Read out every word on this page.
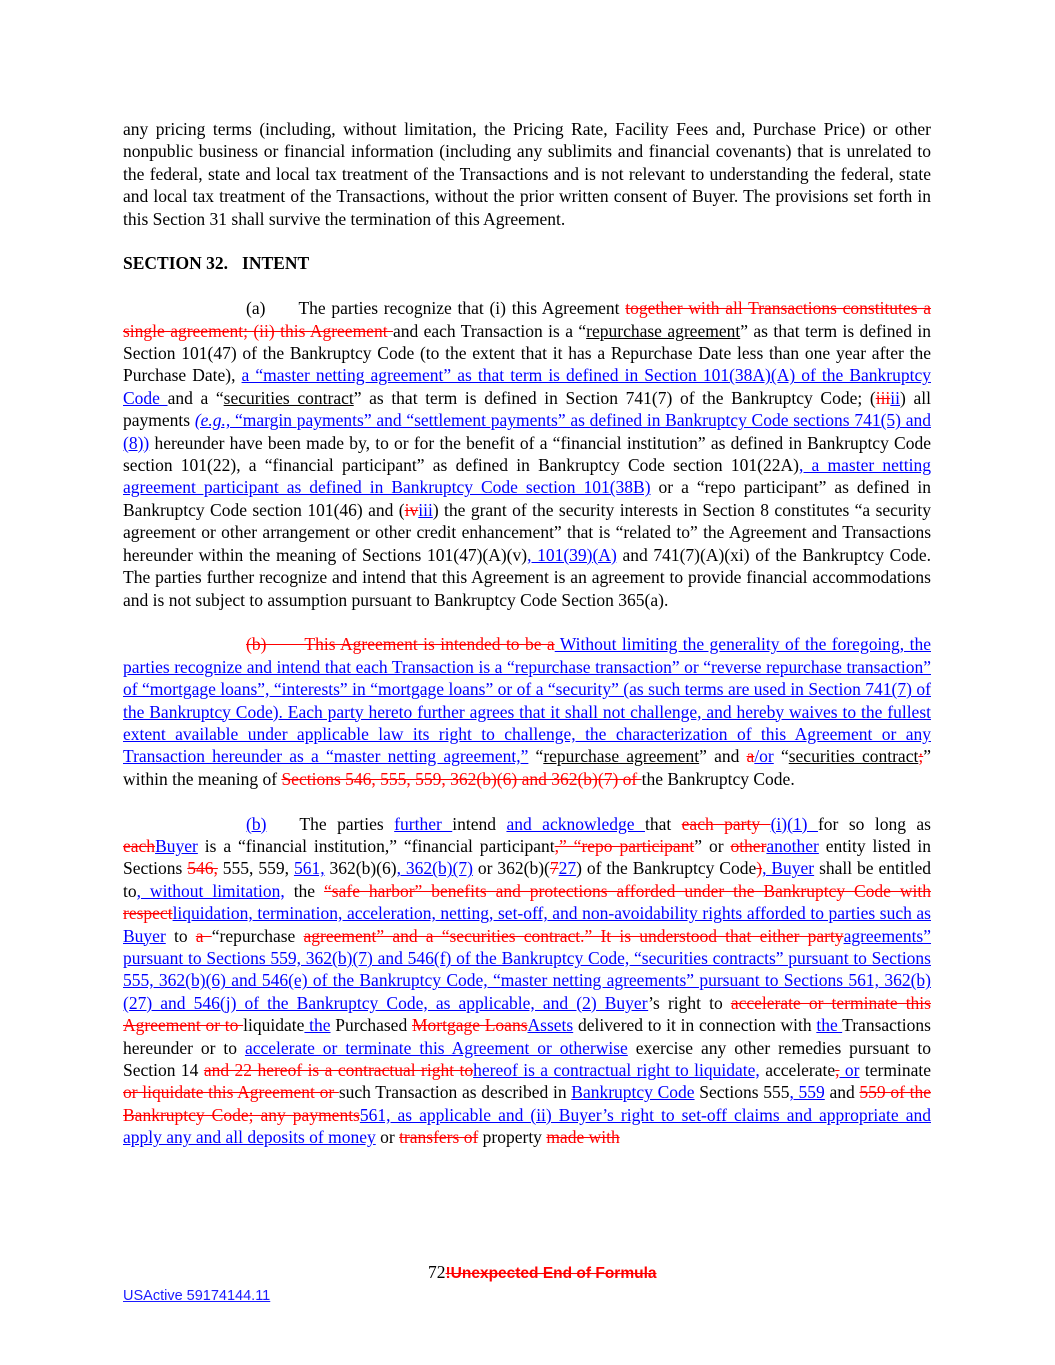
any pricing terms (including, without limitation, the Pricing Rate, Facility Fees and, Purchase Price) or other nonpublic business or financial information (including any sublimits and financial covenants) that is unrelated to the federal, state and local tax treatment of the Transactions and is not relevant to understanding the federal, state and local tax treatment of the Transactions, without the prior written consent of Buyer. The provisions set forth in this Section 31 shall survive the termination of this Agreement.

SECTION 32. INTENT

(a) The parties recognize that (i) this Agreement together with all Transactions constitutes a single agreement; (ii) this Agreement and each Transaction is a “repurchase agreement” as that term is defined in Section 101(47) of the Bankruptcy Code (to the extent that it has a Repurchase Date less than one year after the Purchase Date), a “master netting agreement” as that term is defined in Section 101(38A)(A) of the Bankruptcy Code and a “securities contract” as that term is defined in Section 741(7) of the Bankruptcy Code; (iiiii) all payments (e.g., “margin payments” and “settlement payments” as defined in Bankruptcy Code sections 741(5) and (8)) hereunder have been made by, to or for the benefit of a “financial institution” as defined in Bankruptcy Code section 101(22), a “financial participant” as defined in Bankruptcy Code section 101(22A), a master netting agreement participant as defined in Bankruptcy Code section 101(38B) or a “repo participant” as defined in Bankruptcy Code section 101(46) and (iviii) the grant of the security interests in Section 8 constitutes “a security agreement or other arrangement or other credit enhancement” that is “related to” the Agreement and Transactions hereunder within the meaning of Sections 101(47)(A)(v), 101(39)(A) and 741(7)(A)(xi) of the Bankruptcy Code. The parties further recognize and intend that this Agreement is an agreement to provide financial accommodations and is not subject to assumption pursuant to Bankruptcy Code Section 365(a).

(b)       This Agreement is intended to be a Without limiting the generality of the foregoing, the parties recognize and intend that each Transaction is a “repurchase transaction” or “reverse repurchase transaction” of “mortgage loans”, “interests” in “mortgage loans” or of a “security” (as such terms are used in Section 741(7) of the Bankruptcy Code). Each party hereto further agrees that it shall not challenge, and hereby waives to the fullest extent available under applicable law its right to challenge, the characterization of this Agreement or any Transaction hereunder as a “master netting agreement,” “repurchase agreement” and a/or “securities contract;” within the meaning of Sections 546, 555, 559, 362(b)(6) and 362(b)(7) of the Bankruptcy Code.

(b) The parties further intend and acknowledge that each party (i)(1) for so long as eachBuyer is a “financial institution,” “financial participant,” “repo participant” or otheranother entity listed in Sections 546, 555, 559, 561, 362(b)(6), 362(b)(7) or 362(b)(727) of the Bankruptcy Code), Buyer shall be entitled to, without limitation, the “safe harbor” benefits and protections afforded under the Bankruptcy Code with respectliquidation, termination, acceleration, netting, set-off, and non-avoidability rights afforded to parties such as Buyer to a “repurchase agreement” and a “securities contract.” It is understood that either partyagreements” pursuant to Sections 559, 362(b)(7) and 546(f) of the Bankruptcy Code, “securities contracts” pursuant to Sections 555, 362(b)(6) and 546(e) of the Bankruptcy Code, “master netting agreements” pursuant to Sections 561, 362(b)(27) and 546(j) of the Bankruptcy Code, as applicable, and (2) Buyer’s right to accelerate or terminate this Agreement or to liquidate the Purchased Mortgage LoansAssets delivered to it in connection with the Transactions hereunder or to accelerate or terminate this Agreement or otherwise exercise any other remedies pursuant to Section 14 and 22 hereof is a contractual right tohereof is a contractual right to liquidate, accelerate, or terminate or liquidate this Agreement or such Transaction as described in Bankruptcy Code Sections 555, 559 and 559 of the Bankruptcy Code; any payments561, as applicable and (ii) Buyer’s right to set-off claims and appropriate and apply any and all deposits of money or transfers of property made with

72!Unexpected End of Formula
USActive 59174144.11
